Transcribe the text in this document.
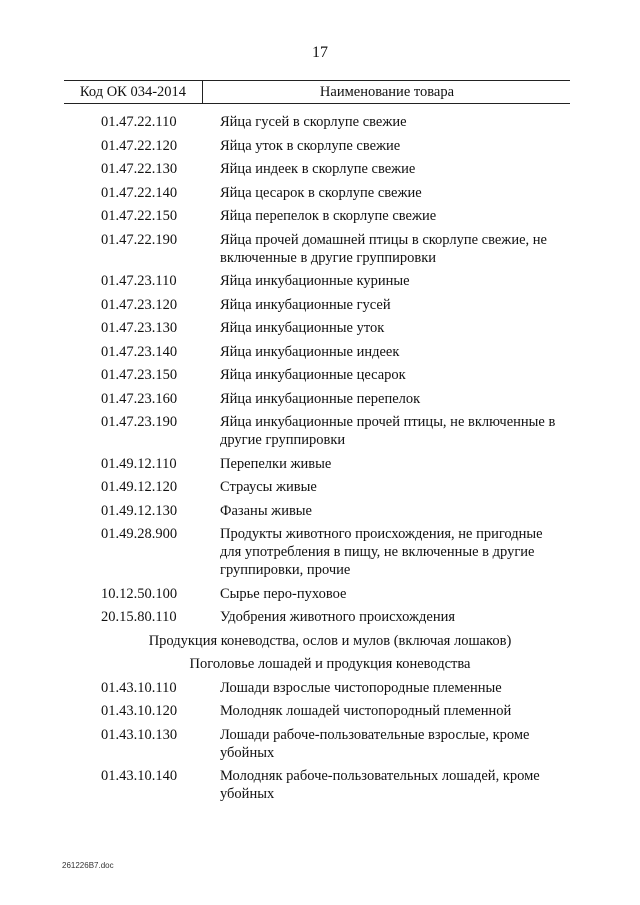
17
Код ОК 034-2014	Наименование товара
01.47.22.110	Яйца гусей в скорлупе свежие
01.47.22.120	Яйца уток в скорлупе свежие
01.47.22.130	Яйца индеек в скорлупе свежие
01.47.22.140	Яйца цесарок в скорлупе свежие
01.47.22.150	Яйца перепелок в скорлупе свежие
01.47.22.190	Яйца прочей домашней птицы в скорлупе свежие, не включенные в другие группировки
01.47.23.110	Яйца инкубационные куриные
01.47.23.120	Яйца инкубационные гусей
01.47.23.130	Яйца инкубационные уток
01.47.23.140	Яйца инкубационные индеек
01.47.23.150	Яйца инкубационные цесарок
01.47.23.160	Яйца инкубационные перепелок
01.47.23.190	Яйца инкубационные прочей птицы, не включенные в другие группировки
01.49.12.110	Перепелки живые
01.49.12.120	Страусы живые
01.49.12.130	Фазаны живые
01.49.28.900	Продукты животного происхождения, не пригодные для употребления в пищу, не включенные в другие группировки, прочие
10.12.50.100	Сырье перо-пуховое
20.15.80.110	Удобрения животного происхождения
Продукция коневодства, ослов и мулов (включая лошаков)
Поголовье лошадей и продукция коневодства
01.43.10.110	Лошади взрослые чистопородные племенные
01.43.10.120	Молодняк лошадей чистопородный племенной
01.43.10.130	Лошади рабоче-пользовательные взрослые, кроме убойных
01.43.10.140	Молодняк рабоче-пользовательных лошадей, кроме убойных
261226B7.doc
